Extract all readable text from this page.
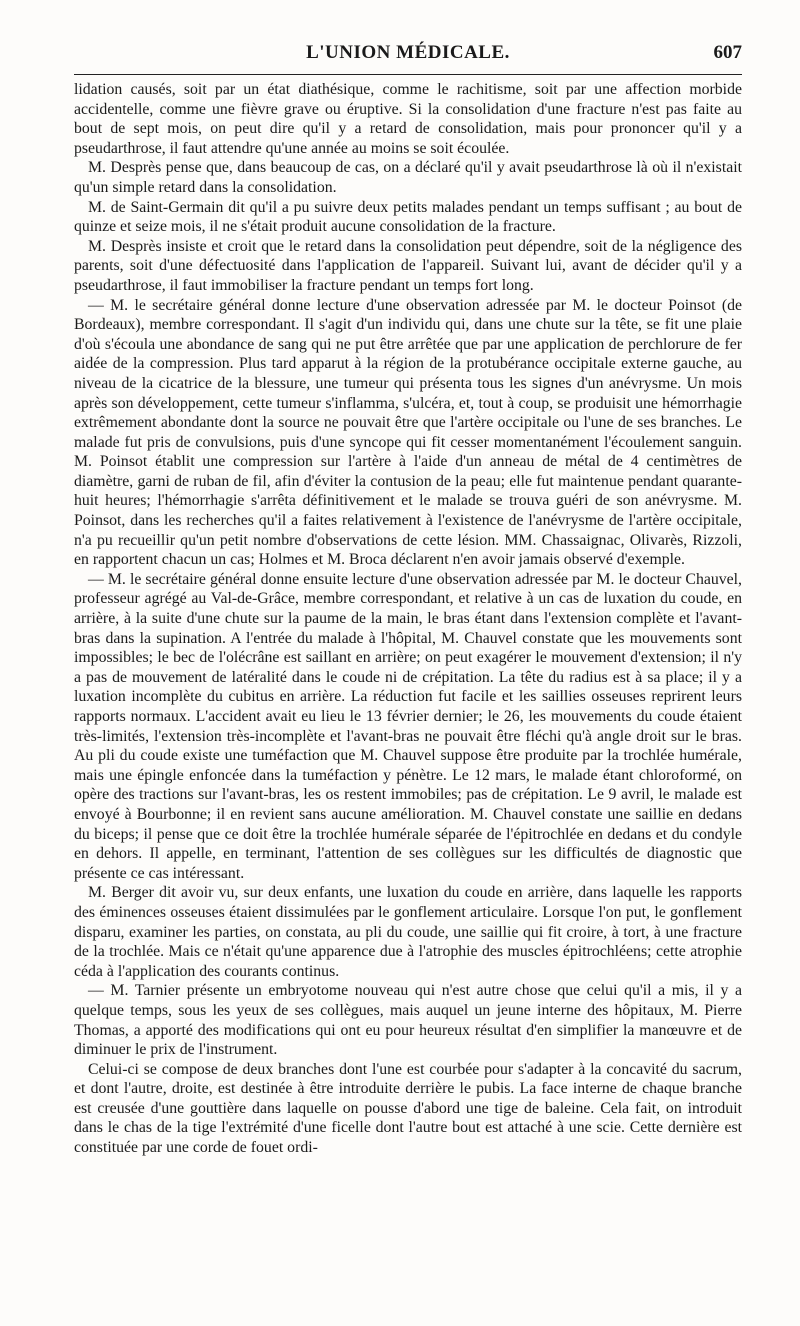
L'UNION MÉDICALE.	607

lidation causés, soit par un état diathésique, comme le rachitisme, soit par une affection morbide accidentelle, comme une fièvre grave ou éruptive. Si la consolidation d'une fracture n'est pas faite au bout de sept mois, on peut dire qu'il y a retard de consolidation, mais pour prononcer qu'il y a pseudarthrose, il faut attendre qu'une année au moins se soit écoulée.

M. Desprès pense que, dans beaucoup de cas, on a déclaré qu'il y avait pseudarthrose là où il n'existait qu'un simple retard dans la consolidation.

M. de Saint-Germain dit qu'il a pu suivre deux petits malades pendant un temps suffisant ; au bout de quinze et seize mois, il ne s'était produit aucune consolidation de la fracture.

M. Desprès insiste et croit que le retard dans la consolidation peut dépendre, soit de la négligence des parents, soit d'une défectuosité dans l'application de l'appareil. Suivant lui, avant de décider qu'il y a pseudarthrose, il faut immobiliser la fracture pendant un temps fort long.

— M. le secrétaire général donne lecture d'une observation adressée par M. le docteur Poinsot (de Bordeaux), membre correspondant. Il s'agit d'un individu qui, dans une chute sur la tête, se fit une plaie d'où s'écoula une abondance de sang qui ne put être arrêtée que par une application de perchlorure de fer aidée de la compression. Plus tard apparut à la région de la protubérance occipitale externe gauche, au niveau de la cicatrice de la blessure, une tumeur qui présenta tous les signes d'un anévrysme. Un mois après son développement, cette tumeur s'inflamma, s'ulcéra, et, tout à coup, se produisit une hémorrhagie extrêmement abondante dont la source ne pouvait être que l'artère occipitale ou l'une de ses branches. Le malade fut pris de convulsions, puis d'une syncope qui fit cesser momentanément l'écoulement sanguin. M. Poinsot établit une compression sur l'artère à l'aide d'un anneau de métal de 4 centimètres de diamètre, garni de ruban de fil, afin d'éviter la contusion de la peau; elle fut maintenue pendant quarante-huit heures; l'hémorrhagie s'arrêta définitivement et le malade se trouva guéri de son anévrysme. M. Poinsot, dans les recherches qu'il a faites relativement à l'existence de l'anévrysme de l'artère occipitale, n'a pu recueillir qu'un petit nombre d'observations de cette lésion. MM. Chassaignac, Olivarès, Rizzoli, en rapportent chacun un cas; Holmes et M. Broca déclarent n'en avoir jamais observé d'exemple.

— M. le secrétaire général donne ensuite lecture d'une observation adressée par M. le docteur Chauvel, professeur agrégé au Val-de-Grâce, membre correspondant, et relative à un cas de luxation du coude, en arrière, à la suite d'une chute sur la paume de la main, le bras étant dans l'extension complète et l'avant-bras dans la supination. A l'entrée du malade à l'hôpital, M. Chauvel constate que les mouvements sont impossibles; le bec de l'olécrâne est saillant en arrière; on peut exagérer le mouvement d'extension; il n'y a pas de mouvement de latéralité dans le coude ni de crépitation. La tête du radius est à sa place; il y a luxation incomplète du cubitus en arrière. La réduction fut facile et les saillies osseuses reprirent leurs rapports normaux. L'accident avait eu lieu le 13 février dernier; le 26, les mouvements du coude étaient très-limités, l'extension très-incomplète et l'avant-bras ne pouvait être fléchi qu'à angle droit sur le bras. Au pli du coude existe une tuméfaction que M. Chauvel suppose être produite par la trochlée humérale, mais une épingle enfoncée dans la tuméfaction y pénètre. Le 12 mars, le malade étant chloroformé, on opère des tractions sur l'avant-bras, les os restent immobiles; pas de crépitation. Le 9 avril, le malade est envoyé à Bourbonne; il en revient sans aucune amélioration. M. Chauvel constate une saillie en dedans du biceps; il pense que ce doit être la trochlée humérale séparée de l'épitrochlée en dedans et du condyle en dehors. Il appelle, en terminant, l'attention de ses collègues sur les difficultés de diagnostic que présente ce cas intéressant.

M. Berger dit avoir vu, sur deux enfants, une luxation du coude en arrière, dans laquelle les rapports des éminences osseuses étaient dissimulées par le gonflement articulaire. Lorsque l'on put, le gonflement disparu, examiner les parties, on constata, au pli du coude, une saillie qui fit croire, à tort, à une fracture de la trochlée. Mais ce n'était qu'une apparence due à l'atrophie des muscles épitrochléens; cette atrophie céda à l'application des courants continus.

— M. Tarnier présente un embryotome nouveau qui n'est autre chose que celui qu'il a mis, il y a quelque temps, sous les yeux de ses collègues, mais auquel un jeune interne des hôpitaux, M. Pierre Thomas, a apporté des modifications qui ont eu pour heureux résultat d'en simplifier la manœuvre et de diminuer le prix de l'instrument.

Celui-ci se compose de deux branches dont l'une est courbée pour s'adapter à la concavité du sacrum, et dont l'autre, droite, est destinée à être introduite derrière le pubis. La face interne de chaque branche est creusée d'une gouttière dans laquelle on pousse d'abord une tige de baleine. Cela fait, on introduit dans le chas de la tige l'extrémité d'une ficelle dont l'autre bout est attaché à une scie. Cette dernière est constituée par une corde de fouet ordi-
